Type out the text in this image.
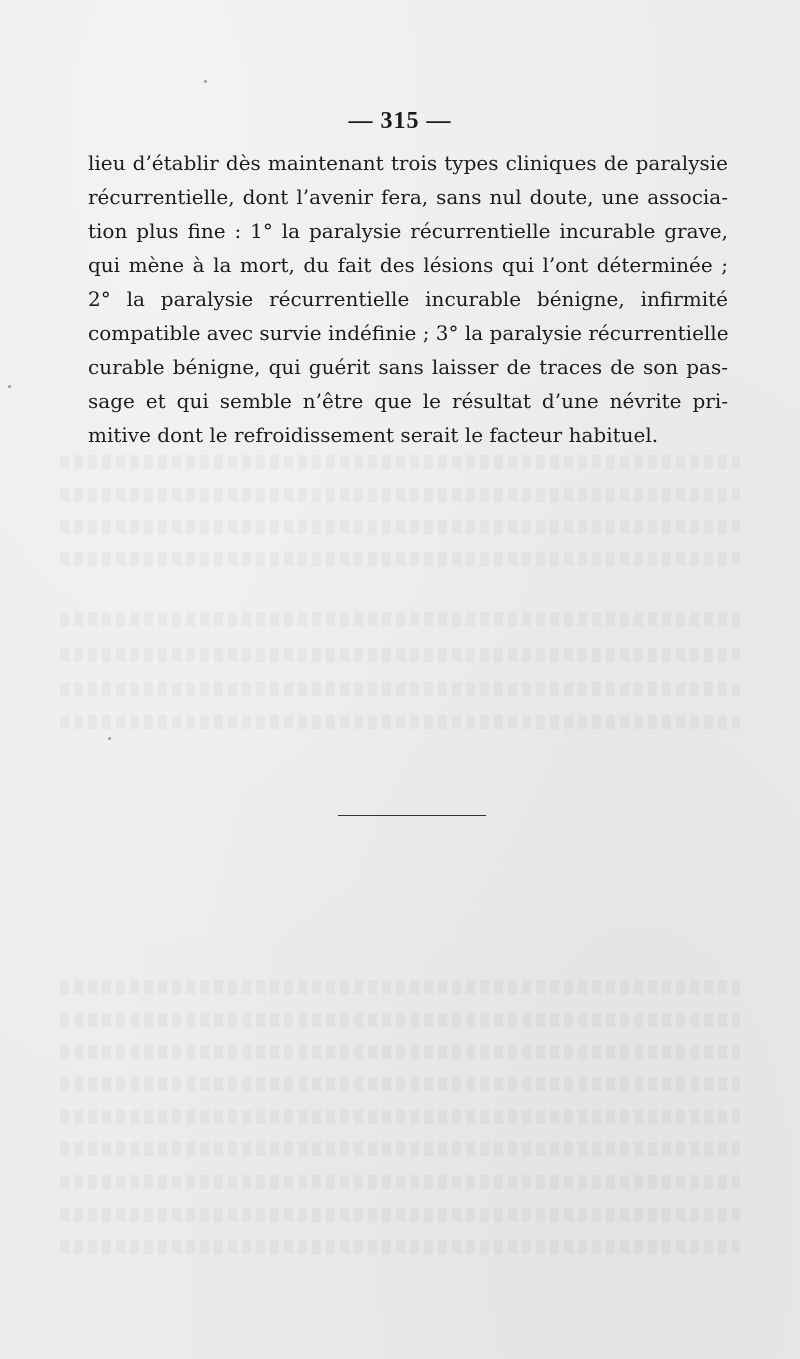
— 315 —
lieu d’établir dès maintenant trois types cliniques de paralysie
récurrentielle, dont l’avenir fera, sans nul doute, une associa-
tion plus fine : 1° la paralysie récurrentielle incurable grave,
qui mène à la mort, du fait des lésions qui l’ont déterminée ;
2° la paralysie récurrentielle incurable bénigne, infirmité
compatible avec survie indéfinie ; 3° la paralysie récurrentielle
curable bénigne, qui guérit sans laisser de traces de son pas-
sage et qui semble n’être que le résultat d’une névrite pri-
mitive dont le refroidissement serait le facteur habituel.
